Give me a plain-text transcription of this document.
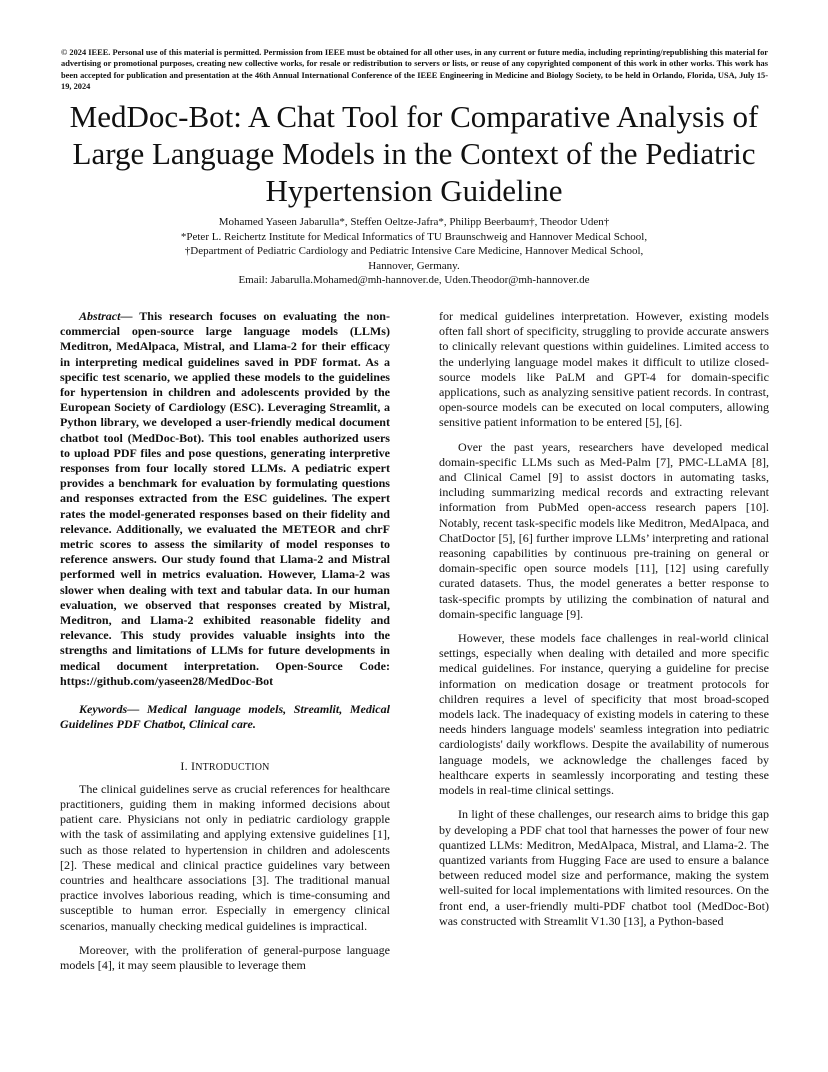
© 2024 IEEE. Personal use of this material is permitted. Permission from IEEE must be obtained for all other uses, in any current or future media, including reprinting/republishing this material for advertising or promotional purposes, creating new collective works, for resale or redistribution to servers or lists, or reuse of any copyrighted component of this work in other works. This work has been accepted for publication and presentation at the 46th Annual International Conference of the IEEE Engineering in Medicine and Biology Society, to be held in Orlando, Florida, USA, July 15-19, 2024

MedDoc-Bot: A Chat Tool for Comparative Analysis of Large Language Models in the Context of the Pediatric Hypertension Guideline

Mohamed Yaseen Jabarulla*, Steffen Oeltze-Jafra*, Philipp Beerbaum†, Theodor Uden†

*Peter L. Reichertz Institute for Medical Informatics of TU Braunschweig and Hannover Medical School,

†Department of Pediatric Cardiology and Pediatric Intensive Care Medicine, Hannover Medical School,

Hannover, Germany.

Email: Jabarulla.Mohamed@mh-hannover.de, Uden.Theodor@mh-hannover.de

Abstract— This research focuses on evaluating the non-commercial open-source large language models (LLMs) Meditron, MedAlpaca, Mistral, and Llama-2 for their efficacy in interpreting medical guidelines saved in PDF format. As a specific test scenario, we applied these models to the guidelines for hypertension in children and adolescents provided by the European Society of Cardiology (ESC). Leveraging Streamlit, a Python library, we developed a user-friendly medical document chatbot tool (MedDoc-Bot). This tool enables authorized users to upload PDF files and pose questions, generating interpretive responses from four locally stored LLMs. A pediatric expert provides a benchmark for evaluation by formulating questions and responses extracted from the ESC guidelines. The expert rates the model-generated responses based on their fidelity and relevance. Additionally, we evaluated the METEOR and chrF metric scores to assess the similarity of model responses to reference answers. Our study found that Llama-2 and Mistral performed well in metrics evaluation. However, Llama-2 was slower when dealing with text and tabular data. In our human evaluation, we observed that responses created by Mistral, Meditron, and Llama-2 exhibited reasonable fidelity and relevance. This study provides valuable insights into the strengths and limitations of LLMs for future developments in medical document interpretation. Open-Source Code: https://github.com/yaseen28/MedDoc-Bot

Keywords— Medical language models, Streamlit, Medical Guidelines PDF Chatbot, Clinical care.

I. INTRODUCTION

The clinical guidelines serve as crucial references for healthcare practitioners, guiding them in making informed decisions about patient care. Physicians not only in pediatric cardiology grapple with the task of assimilating and applying extensive guidelines [1], such as those related to hypertension in children and adolescents [2]. These medical and clinical practice guidelines vary between countries and healthcare associations [3]. The traditional manual practice involves laborious reading, which is time-consuming and susceptible to human error. Especially in emergency clinical scenarios, manually checking medical guidelines is impractical.

Moreover, with the proliferation of general-purpose language models [4], it may seem plausible to leverage them

for medical guidelines interpretation. However, existing models often fall short of specificity, struggling to provide accurate answers to clinically relevant questions within guidelines. Limited access to the underlying language model makes it difficult to utilize closed-source models like PaLM and GPT-4 for domain-specific applications, such as analyzing sensitive patient records. In contrast, open-source models can be executed on local computers, allowing sensitive patient information to be entered [5], [6].

Over the past years, researchers have developed medical domain-specific LLMs such as Med-Palm [7], PMC-LLaMA [8], and Clinical Camel [9] to assist doctors in automating tasks, including summarizing medical records and extracting relevant information from PubMed open-access research papers [10]. Notably, recent task-specific models like Meditron, MedAlpaca, and ChatDoctor [5], [6] further improve LLMs’ interpreting and rational reasoning capabilities by continuous pre-training on general or domain-specific open source models [11], [12] using carefully curated datasets. Thus, the model generates a better response to task-specific prompts by utilizing the combination of natural and domain-specific language [9].

However, these models face challenges in real-world clinical settings, especially when dealing with detailed and more specific medical guidelines. For instance, querying a guideline for precise information on medication dosage or treatment protocols for children requires a level of specificity that most broad-scoped models lack. The inadequacy of existing models in catering to these needs hinders language models' seamless integration into pediatric cardiologists' daily workflows. Despite the availability of numerous language models, we acknowledge the challenges faced by healthcare experts in seamlessly incorporating and testing these models in real-time clinical settings.

In light of these challenges, our research aims to bridge this gap by developing a PDF chat tool that harnesses the power of four new quantized LLMs: Meditron, MedAlpaca, Mistral, and Llama-2. The quantized variants from Hugging Face are used to ensure a balance between reduced model size and performance, making the system well-suited for local implementations with limited resources. On the front end, a user-friendly multi-PDF chatbot tool (MedDoc-Bot) was constructed with Streamlit V1.30 [13], a Python-based
